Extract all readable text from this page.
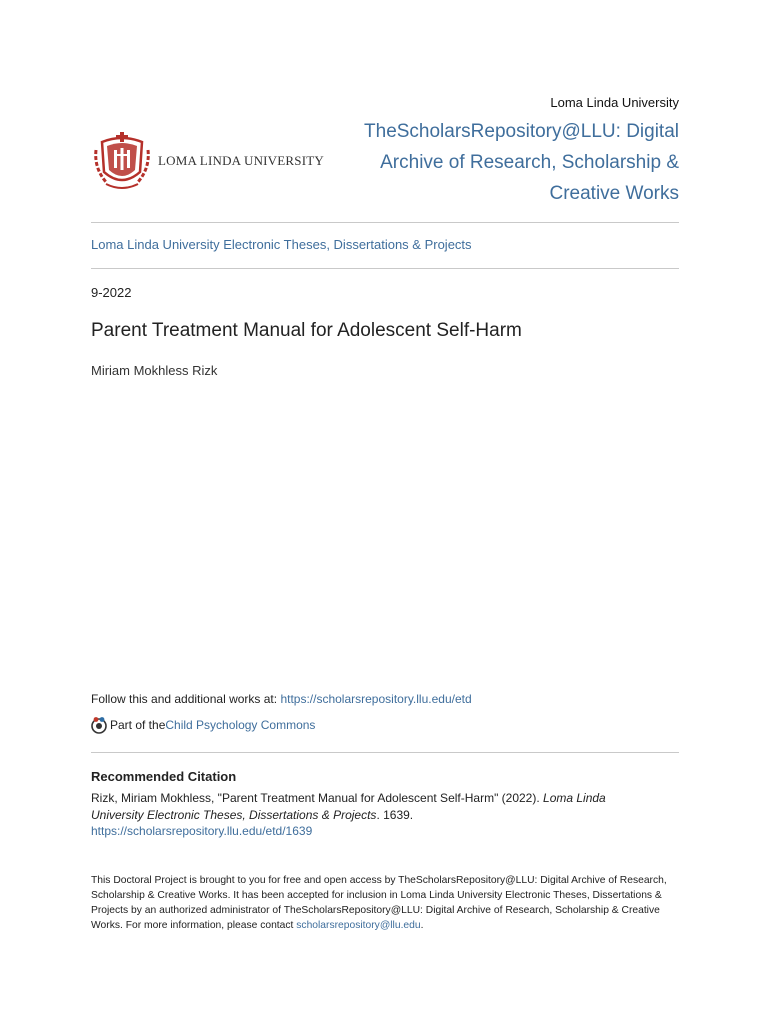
Loma Linda University
LOMA LINDA UNIVERSITY
TheScholarsRepository@LLU: Digital Archive of Research, Scholarship & Creative Works
Loma Linda University Electronic Theses, Dissertations & Projects
9-2022
Parent Treatment Manual for Adolescent Self-Harm
Miriam Mokhless Rizk
Follow this and additional works at: https://scholarsrepository.llu.edu/etd
Part of the Child Psychology Commons
Recommended Citation
Rizk, Miriam Mokhless, "Parent Treatment Manual for Adolescent Self-Harm" (2022). Loma Linda University Electronic Theses, Dissertations & Projects. 1639.
https://scholarsrepository.llu.edu/etd/1639
This Doctoral Project is brought to you for free and open access by TheScholarsRepository@LLU: Digital Archive of Research, Scholarship & Creative Works. It has been accepted for inclusion in Loma Linda University Electronic Theses, Dissertations & Projects by an authorized administrator of TheScholarsRepository@LLU: Digital Archive of Research, Scholarship & Creative Works. For more information, please contact scholarsrepository@llu.edu.
